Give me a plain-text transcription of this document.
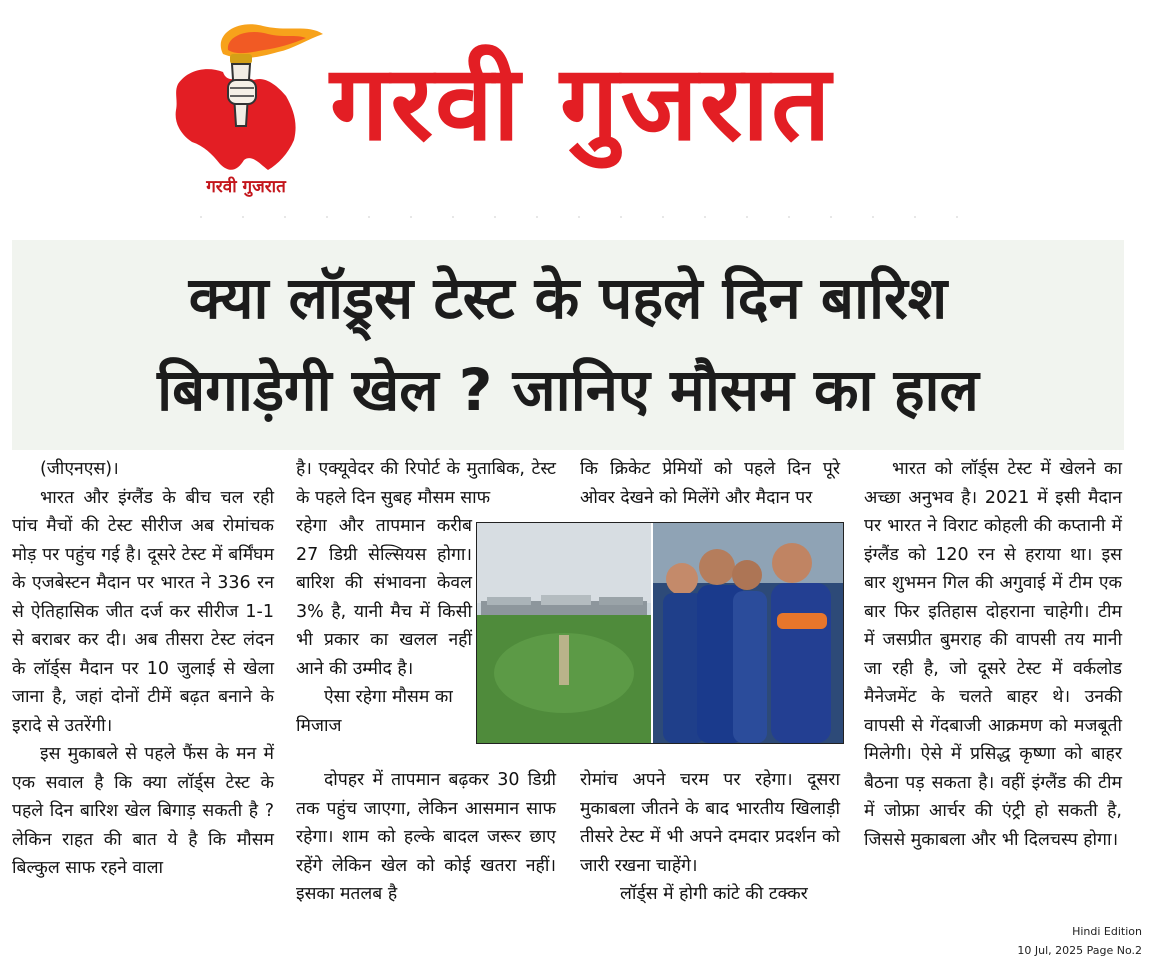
गरवी गुजरात
गरवी गुजरात
क्या लॉड्र्स टेस्ट के पहले दिन बारिश
बिगाड़ेगी खेल ? जानिए मौसम का हाल

(जीएनएस)।

भारत और इंग्लैंड के बीच चल रही पांच मैचों की टेस्ट सीरीज अब रोमांचक मोड़ पर पहुंच गई है। दूसरे टेस्ट में बर्मिंघम के एजबेस्टन मैदान पर भारत ने 336 रन से ऐतिहासिक जीत दर्ज कर सीरीज 1-1 से बराबर कर दी। अब तीसरा टेस्ट लंदन के लॉर्ड्स मैदान पर 10 जुलाई से खेला जाना है, जहां दोनों टीमें बढ़त बनाने के इरादे से उतरेंगी।

इस मुकाबले से पहले फैंस के मन में एक सवाल है कि क्या लॉर्ड्स टेस्ट के पहले दिन बारिश खेल बिगाड़ सकती है ? लेकिन राहत की बात ये है कि मौसम बिल्कुल साफ रहने वाला

है। एक्यूवेदर की रिपोर्ट के मुताबिक, टेस्ट के पहले दिन सुबह मौसम साफ

रहेगा और तापमान करीब 27 डिग्री सेल्सियस होगा। बारिश की संभावना केवल 3% है, यानी मैच में किसी भी प्रकार का खलल नहीं आने की उम्मीद है।

ऐसा रहेगा मौसम का मिजाज

दोपहर में तापमान बढ़कर 30 डिग्री तक पहुंच जाएगा, लेकिन आसमान साफ रहेगा। शाम को हल्के बादल जरूर छाए रहेंगे लेकिन खेल को कोई खतरा नहीं। इसका मतलब है

कि क्रिकेट प्रेमियों को पहले दिन पूरे ओवर देखने को मिलेंगे और मैदान पर

रोमांच अपने चरम पर रहेगा। दूसरा मुकाबला जीतने के बाद भारतीय खिलाड़ी तीसरे टेस्ट में भी अपने दमदार प्रदर्शन को जारी रखना चाहेंगे।

लॉर्ड्स में होगी कांटे की टक्कर

भारत को लॉर्ड्स टेस्ट में खेलने का अच्छा अनुभव है। 2021 में इसी मैदान पर भारत ने विराट कोहली की कप्तानी में इंग्लैंड को 120 रन से हराया था। इस बार शुभमन गिल की अगुवाई में टीम एक बार फिर इतिहास दोहराना चाहेगी। टीम में जसप्रीत बुमराह की वापसी तय मानी जा रही है, जो दूसरे टेस्ट में वर्कलोड मैनेजमेंट के चलते बाहर थे। उनकी वापसी से गेंदबाजी आक्रमण को मजबूती मिलेगी। ऐसे में प्रसिद्ध कृष्णा को बाहर बैठना पड़ सकता है। वहीं इंग्लैंड की टीम में जोफ्रा आर्चर की एंट्री हो सकती है, जिससे मुकाबला और भी दिलचस्प होगा।

Hindi Edition
10 Jul, 2025 Page No.2
